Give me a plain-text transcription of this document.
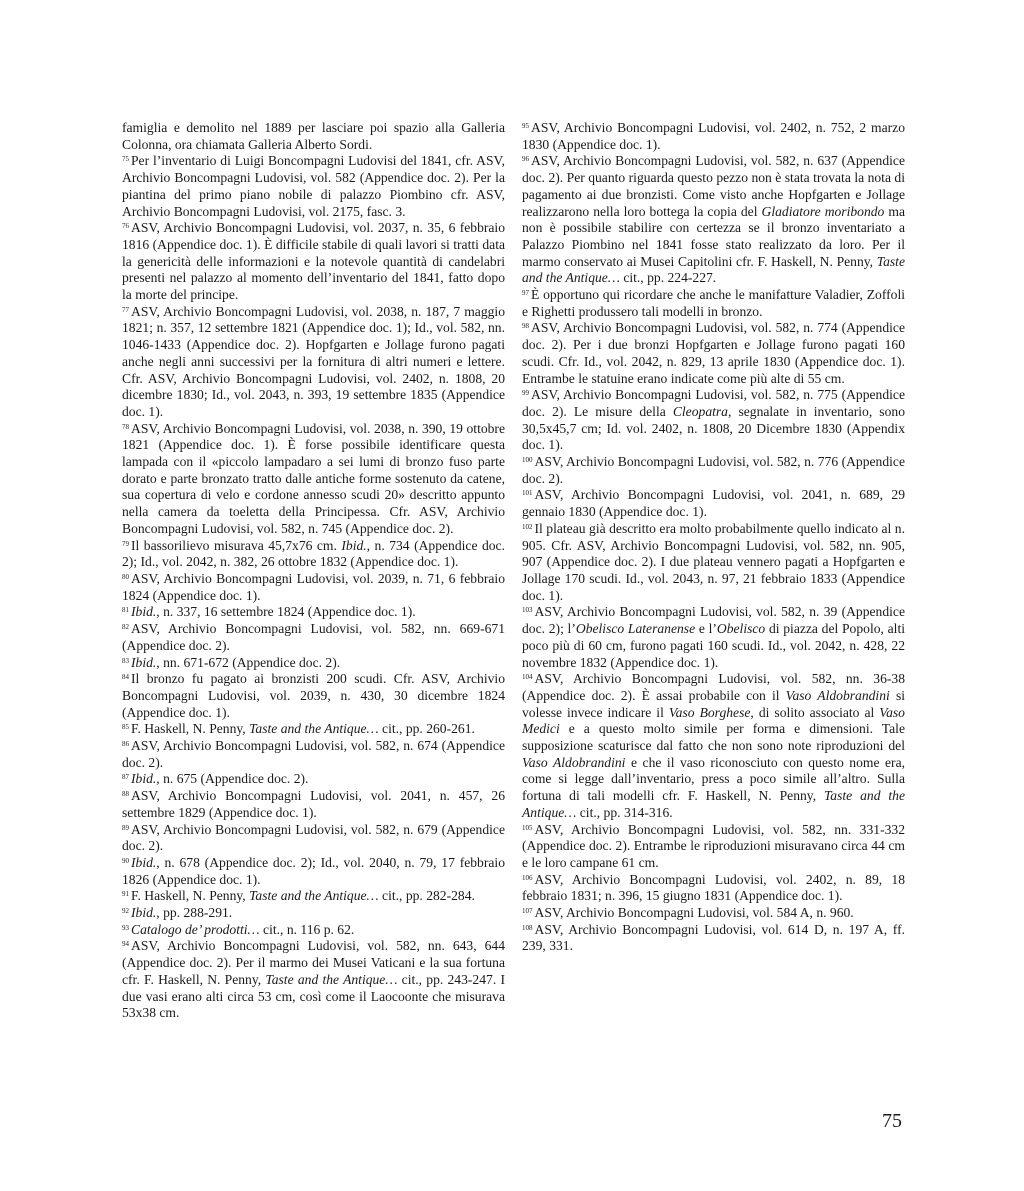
famiglia e demolito nel 1889 per lasciare poi spazio alla Galleria Colonna, ora chiamata Galleria Alberto Sordi.

$^{75}$ Per l’inventario di Luigi Boncompagni Ludovisi del 1841, cfr. ASV, Archivio Boncompagni Ludovisi, vol. 582 (Appendice doc. 2). Per la piantina del primo piano nobile di palazzo Piombino cfr. ASV, Archivio Boncompagni Ludovisi, vol. 2175, fasc. 3.

$^{76}$ ASV, Archivio Boncompagni Ludovisi, vol. 2037, n. 35, 6 febbraio 1816 (Appendice doc. 1). È difficile stabile di quali lavori si tratti data la genericità delle informazioni e la notevole quantità di candelabri presenti nel palazzo al momento dell’inventario del 1841, fatto dopo la morte del principe.

$^{77}$ ASV, Archivio Boncompagni Ludovisi, vol. 2038, n. 187, 7 maggio 1821; n. 357, 12 settembre 1821 (Appendice doc. 1); Id., vol. 582, nn. 1046-1433 (Appendice doc. 2). Hopfgarten e Jollage furono pagati anche negli anni successivi per la fornitura di altri numeri e lettere. Cfr. ASV, Archivio Boncompagni Ludovisi, vol. 2402, n. 1808, 20 dicembre 1830; Id., vol. 2043, n. 393, 19 settembre 1835 (Appendice doc. 1).

$^{78}$ ASV, Archivio Boncompagni Ludovisi, vol. 2038, n. 390, 19 ottobre 1821 (Appendice doc. 1). È forse possibile identificare questa lampada con il «piccolo lampadaro a sei lumi di bronzo fuso parte dorato e parte bronzato tratto dalle antiche forme sostenuto da catene, sua copertura di velo e cordone annesso scudi 20» descritto appunto nella camera da toeletta della Principessa. Cfr. ASV, Archivio Boncompagni Ludovisi, vol. 582, n. 745 (Appendice doc. 2).

$^{79}$ Il bassorilievo misurava 45,7x76 cm. Ibid., n. 734 (Appendice doc. 2); Id., vol. 2042, n. 382, 26 ottobre 1832 (Appendice doc. 1).

$^{80}$ ASV, Archivio Boncompagni Ludovisi, vol. 2039, n. 71, 6 febbraio 1824 (Appendice doc. 1).

$^{81}$ Ibid., n. 337, 16 settembre 1824 (Appendice doc. 1).

$^{82}$ ASV, Archivio Boncompagni Ludovisi, vol. 582, nn. 669-671 (Appendice doc. 2).

$^{83}$ Ibid., nn. 671-672 (Appendice doc. 2).

$^{84}$ Il bronzo fu pagato ai bronzisti 200 scudi. Cfr. ASV, Archivio Boncompagni Ludovisi, vol. 2039, n. 430, 30 dicembre 1824 (Appendice doc. 1).

$^{85}$ F. Haskell, N. Penny, Taste and the Antique… cit., pp. 260-261.

$^{86}$ ASV, Archivio Boncompagni Ludovisi, vol. 582, n. 674 (Appendice doc. 2).

$^{87}$ Ibid., n. 675 (Appendice doc. 2).

$^{88}$ ASV, Archivio Boncompagni Ludovisi, vol. 2041, n. 457, 26 settembre 1829 (Appendice doc. 1).

$^{89}$ ASV, Archivio Boncompagni Ludovisi, vol. 582, n. 679 (Appendice doc. 2).

$^{90}$ Ibid., n. 678 (Appendice doc. 2); Id., vol. 2040, n. 79, 17 febbraio 1826 (Appendice doc. 1).

$^{91}$ F. Haskell, N. Penny, Taste and the Antique… cit., pp. 282-284.

$^{92}$ Ibid., pp. 288-291.

$^{93}$ Catalogo de’ prodotti… cit., n. 116 p. 62.

$^{94}$ ASV, Archivio Boncompagni Ludovisi, vol. 582, nn. 643, 644 (Appendice doc. 2). Per il marmo dei Musei Vaticani e la sua fortuna cfr. F. Haskell, N. Penny, Taste and the Antique… cit., pp. 243-247. I due vasi erano alti circa 53 cm, così come il Laocoonte che misurava 53x38 cm.

$^{95}$ ASV, Archivio Boncompagni Ludovisi, vol. 2402, n. 752, 2 marzo 1830 (Appendice doc. 1).

$^{96}$ ASV, Archivio Boncompagni Ludovisi, vol. 582, n. 637 (Appendice doc. 2). Per quanto riguarda questo pezzo non è stata trovata la nota di pagamento ai due bronzisti. Come visto anche Hopfgarten e Jollage realizzarono nella loro bottega la copia del Gladiatore moribondo ma non è possibile stabilire con certezza se il bronzo inventariato a Palazzo Piombino nel 1841 fosse stato realizzato da loro. Per il marmo conservato ai Musei Capitolini cfr. F. Haskell, N. Penny, Taste and the Antique… cit., pp. 224-227.

$^{97}$ È opportuno qui ricordare che anche le manifatture Valadier, Zoffoli e Righetti produssero tali modelli in bronzo.

$^{98}$ ASV, Archivio Boncompagni Ludovisi, vol. 582, n. 774 (Appendice doc. 2). Per i due bronzi Hopfgarten e Jollage furono pagati 160 scudi. Cfr. Id., vol. 2042, n. 829, 13 aprile 1830 (Appendice doc. 1). Entrambe le statuine erano indicate come più alte di 55 cm.

$^{99}$ ASV, Archivio Boncompagni Ludovisi, vol. 582, n. 775 (Appendice doc. 2). Le misure della Cleopatra, segnalate in inventario, sono 30,5x45,7 cm; Id. vol. 2402, n. 1808, 20 Dicembre 1830 (Appendix doc. 1).

$^{100}$ ASV, Archivio Boncompagni Ludovisi, vol. 582, n. 776 (Appendice doc. 2).

$^{101}$ ASV, Archivio Boncompagni Ludovisi, vol. 2041, n. 689, 29 gennaio 1830 (Appendice doc. 1).

$^{102}$ Il plateau già descritto era molto probabilmente quello indicato al n. 905. Cfr. ASV, Archivio Boncompagni Ludovisi, vol. 582, nn. 905, 907 (Appendice doc. 2). I due plateau vennero pagati a Hopfgarten e Jollage 170 scudi. Id., vol. 2043, n. 97, 21 febbraio 1833 (Appendice doc. 1).

$^{103}$ ASV, Archivio Boncompagni Ludovisi, vol. 582, n. 39 (Appendice doc. 2); l’Obelisco Lateranense e l’Obelisco di piazza del Popolo, alti poco più di 60 cm, furono pagati 160 scudi. Id., vol. 2042, n. 428, 22 novembre 1832 (Appendice doc. 1).

$^{104}$ ASV, Archivio Boncompagni Ludovisi, vol. 582, nn. 36-38 (Appendice doc. 2). È assai probabile con il Vaso Aldobrandini si volesse invece indicare il Vaso Borghese, di solito associato al Vaso Medici e a questo molto simile per forma e dimensioni. Tale supposizione scaturisce dal fatto che non sono note riproduzioni del Vaso Aldobrandini e che il vaso riconosciuto con questo nome era, come si legge dall’inventario, press a poco simile all’altro. Sulla fortuna di tali modelli cfr. F. Haskell, N. Penny, Taste and the Antique… cit., pp. 314-316.

$^{105}$ ASV, Archivio Boncompagni Ludovisi, vol. 582, nn. 331-332 (Appendice doc. 2). Entrambe le riproduzioni misuravano circa 44 cm e le loro campane 61 cm.

$^{106}$ ASV, Archivio Boncompagni Ludovisi, vol. 2402, n. 89, 18 febbraio 1831; n. 396, 15 giugno 1831 (Appendice doc. 1).

$^{107}$ ASV, Archivio Boncompagni Ludovisi, vol. 584 A, n. 960.

$^{108}$ ASV, Archivio Boncompagni Ludovisi, vol. 614 D, n. 197 A, ff. 239, 331.

75
